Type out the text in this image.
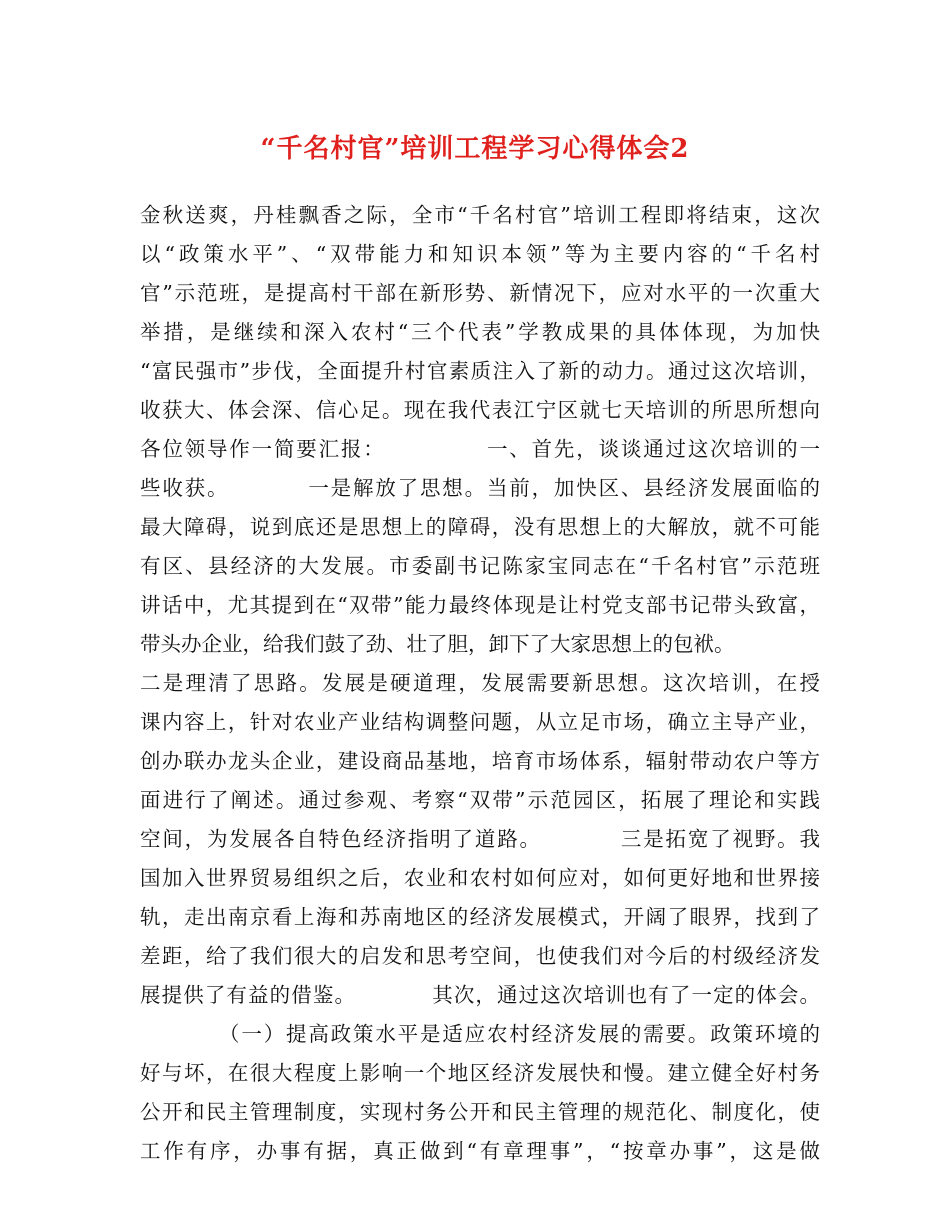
“千名村官”培训工程学习心得体会2
金秋送爽，丹桂飘香之际，全市“千名村官”培训工程即将结束，这次
以“政策水平”、“双带能力和知识本领”等为主要内容的“千名村
官”示范班，是提高村干部在新形势、新情况下，应对水平的一次重大
举措，是继续和深入农村“三个代表”学教成果的具体体现，为加快
“富民强市”步伐，全面提升村官素质注入了新的动力。通过这次培训，
收获大、体会深、信心足。现在我代表江宁区就七天培训的所思所想向
各位领导作一简要汇报：　　　　　一、首先，谈谈通过这次培训的一
些收获。　　　　一是解放了思想。当前，加快区、县经济发展面临的
最大障碍，说到底还是思想上的障碍，没有思想上的大解放，就不可能
有区、县经济的大发展。市委副书记陈家宝同志在“千名村官”示范班
讲话中，尤其提到在“双带”能力最终体现是让村党支部书记带头致富，
带头办企业，给我们鼓了劲、壮了胆，卸下了大家思想上的包袱。
二是理清了思路。发展是硬道理，发展需要新思想。这次培训，在授
课内容上，针对农业产业结构调整问题，从立足市场，确立主导产业，
创办联办龙头企业，建设商品基地，培育市场体系，辐射带动农户等方
面进行了阐述。通过参观、考察“双带”示范园区，拓展了理论和实践
空间，为发展各自特色经济指明了道路。　　　　三是拓宽了视野。我
国加入世界贸易组织之后，农业和农村如何应对，如何更好地和世界接
轨，走出南京看上海和苏南地区的经济发展模式，开阔了眼界，找到了
差距，给了我们很大的启发和思考空间，也使我们对今后的村级经济发
展提供了有益的借鉴。　　　　其次，通过这次培训也有了一定的体会。
　　　　（一）提高政策水平是适应农村经济发展的需要。政策环境的
好与坏，在很大程度上影响一个地区经济发展快和慢。建立健全好村务
公开和民主管理制度，实现村务公开和民主管理的规范化、制度化，使
工作有序，办事有据，真正做到“有章理事”，“按章办事”，这是做
